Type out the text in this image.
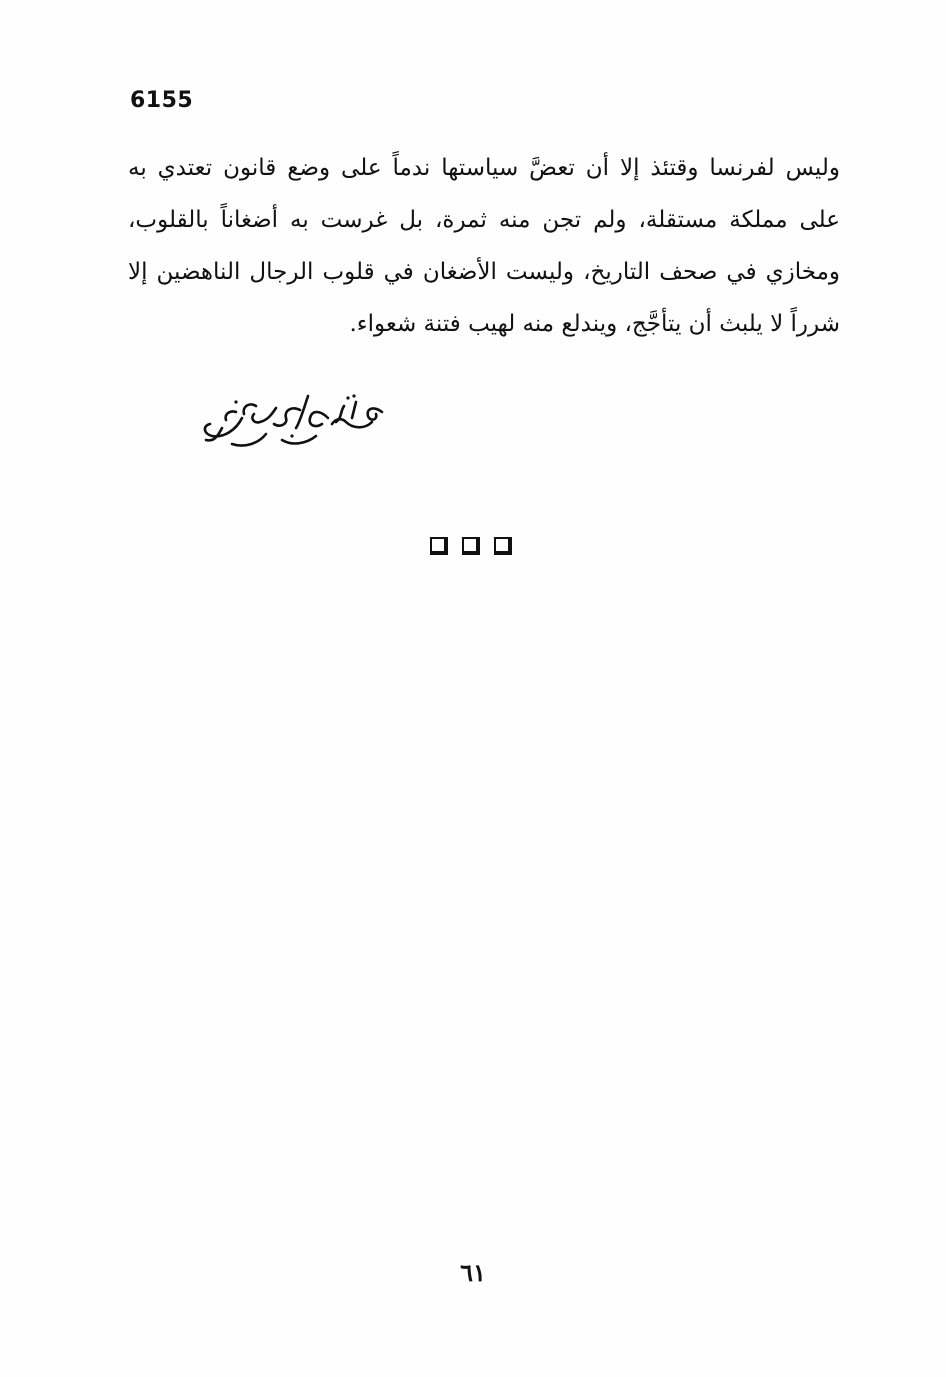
6155
وليس لفرنسا وقتئذ إلا أن تعضَّ سياستها ندماً على وضع قانون تعتدي به
على مملكة مستقلة، ولم تجن منه ثمرة، بل غرست به أضغاناً بالقلوب،
ومخازي في صحف التاريخ، وليست الأضغان في قلوب الرجال الناهضين إلا
شرراً لا يلبث أن يتأجَّج، ويندلع منه لهيب فتنة شعواء.
٦١
